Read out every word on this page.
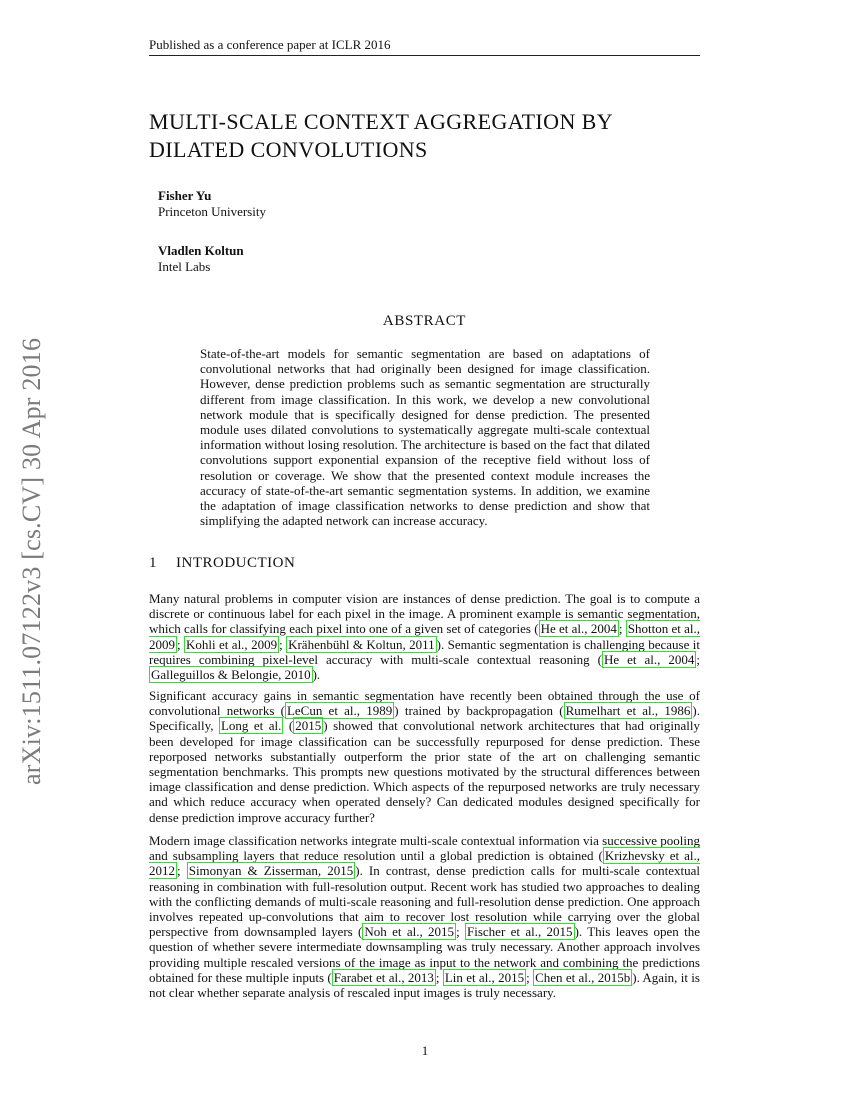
Published as a conference paper at ICLR 2016
arXiv:1511.07122v3 [cs.CV] 30 Apr 2016
MULTI-SCALE CONTEXT AGGREGATION BY
DILATED CONVOLUTIONS
Fisher Yu
Princeton University
Vladlen Koltun
Intel Labs
ABSTRACT

State-of-the-art models for semantic segmentation are based on adaptations of convolutional networks that had originally been designed for image classification. However, dense prediction problems such as semantic segmentation are structurally different from image classification. In this work, we develop a new convolutional network module that is specifically designed for dense prediction. The presented module uses dilated convolutions to systematically aggregate multi-scale contextual information without losing resolution. The architecture is based on the fact that dilated convolutions support exponential expansion of the receptive field without loss of resolution or coverage. We show that the presented context module increases the accuracy of state-of-the-art semantic segmentation systems. In addition, we examine the adaptation of image classification networks to dense prediction and show that simplifying the adapted network can increase accuracy.

1 INTRODUCTION

Many natural problems in computer vision are instances of dense prediction. The goal is to compute a discrete or continuous label for each pixel in the image. A prominent example is semantic segmentation, which calls for classifying each pixel into one of a given set of categories ( He et al., 2004 ; Shotton et al., 2009 ; Kohli et al., 2009 ; Krähenbühl & Koltun, 2011 ). Semantic segmentation is challenging because it requires combining pixel-level accuracy with multi-scale contextual reasoning ( He et al., 2004 ; Galleguillos & Belongie, 2010 ).

Significant accuracy gains in semantic segmentation have recently been obtained through the use of convolutional networks ( LeCun et al., 1989 ) trained by backpropagation ( Rumelhart et al., 1986 ). Specifically, Long et al. ( 2015 ) showed that convolutional network architectures that had originally been developed for image classification can be successfully repurposed for dense prediction. These reporposed networks substantially outperform the prior state of the art on challenging semantic segmentation benchmarks. This prompts new questions motivated by the structural differences between image classification and dense prediction. Which aspects of the repurposed networks are truly necessary and which reduce accuracy when operated densely? Can dedicated modules designed specifically for dense prediction improve accuracy further?

Modern image classification networks integrate multi-scale contextual information via successive pooling and subsampling layers that reduce resolution until a global prediction is obtained ( Krizhevsky et al., 2012 ; Simonyan & Zisserman, 2015 ). In contrast, dense prediction calls for multi-scale contextual reasoning in combination with full-resolution output. Recent work has studied two approaches to dealing with the conflicting demands of multi-scale reasoning and full-resolution dense prediction. One approach involves repeated up-convolutions that aim to recover lost resolution while carrying over the global perspective from downsampled layers ( Noh et al., 2015 ; Fischer et al., 2015 ). This leaves open the question of whether severe intermediate downsampling was truly necessary. Another approach involves providing multiple rescaled versions of the image as input to the network and combining the predictions obtained for these multiple inputs ( Farabet et al., 2013 ; Lin et al., 2015 ; Chen et al., 2015b ). Again, it is not clear whether separate analysis of rescaled input images is truly necessary.

1
